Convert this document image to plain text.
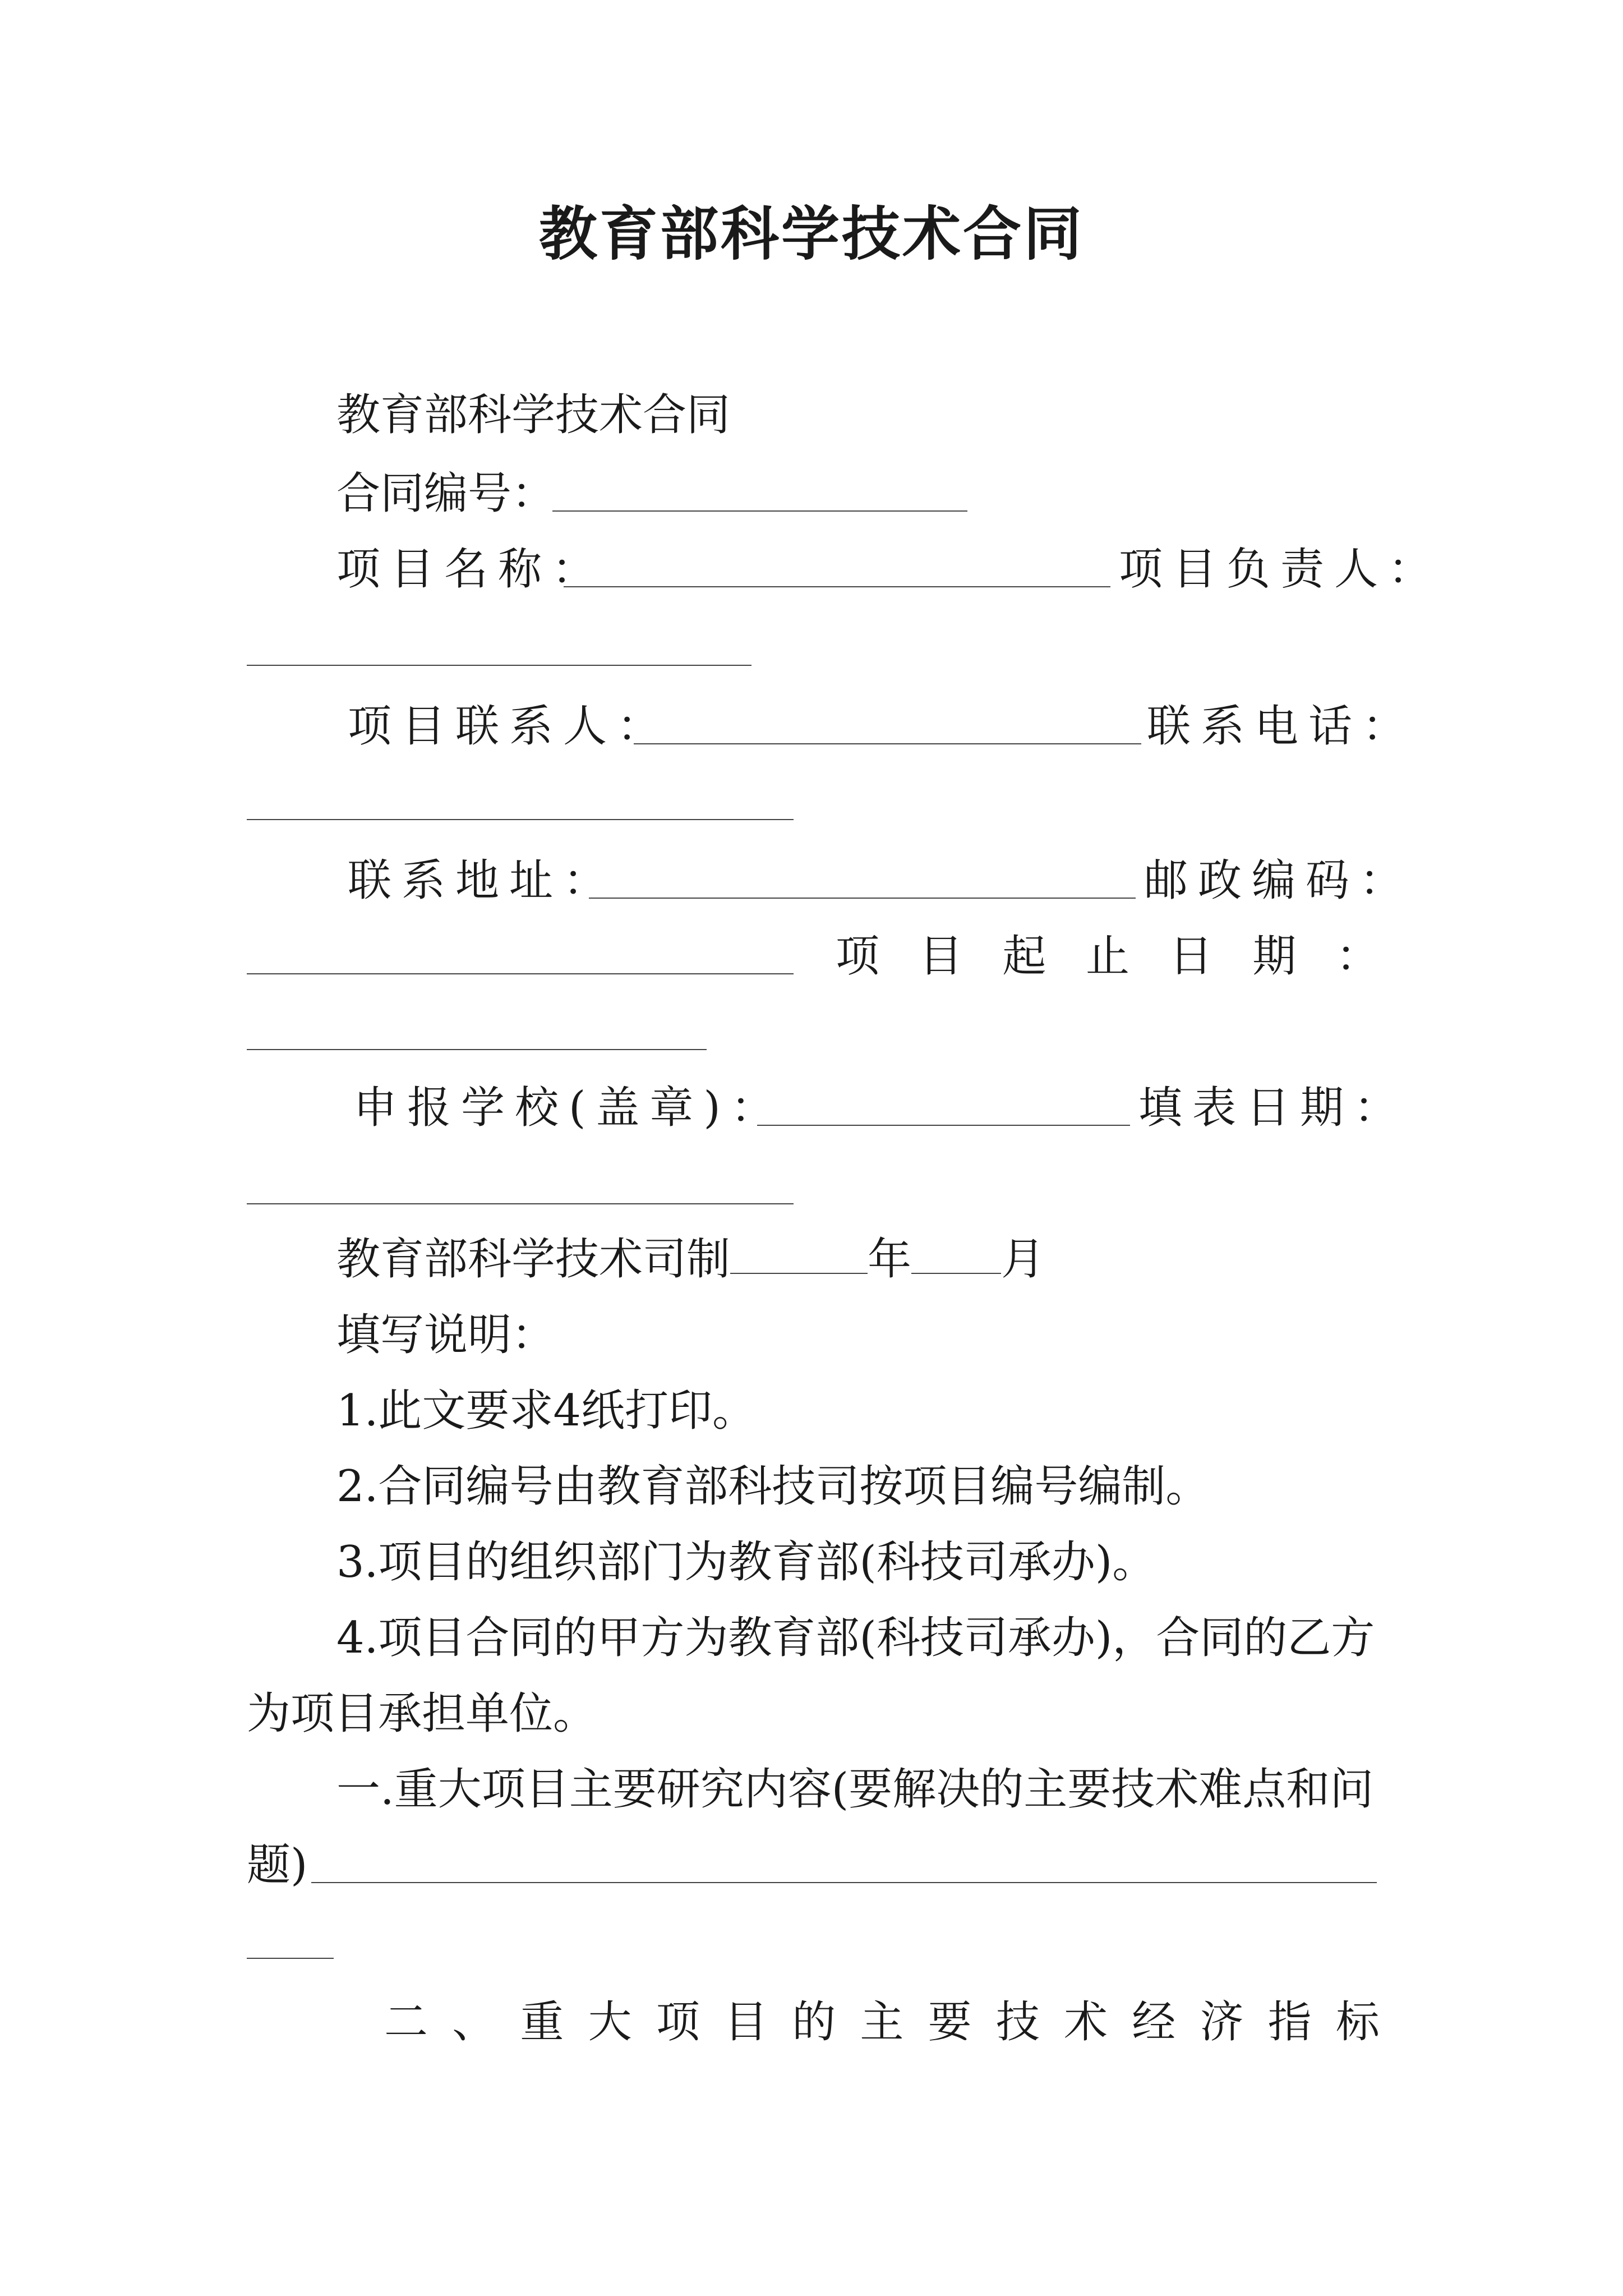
教育部科学技术合同
教育部科学技术合同
合同编号：
项目名称：	项目负责人：
项目联系人：	联系电话：
联系地址：	邮政编码：
项 目 起 止 日 期 ：
申报学校(盖章)：	填表日期：
教育部科学技术司制	年 月
填写说明：
1.此文要求4纸打印。
2.合同编号由教育部科技司按项目编号编制。
3.项目的组织部门为教育部(科技司承办)。
4.项目合同的甲方为教育部(科技司承办)，合同的乙方
为项目承担单位。
一.重大项目主要研究内容(要解决的主要技术难点和问
题)
二 、 重 大 项 目 的 主 要 技 术 经 济 指 标
